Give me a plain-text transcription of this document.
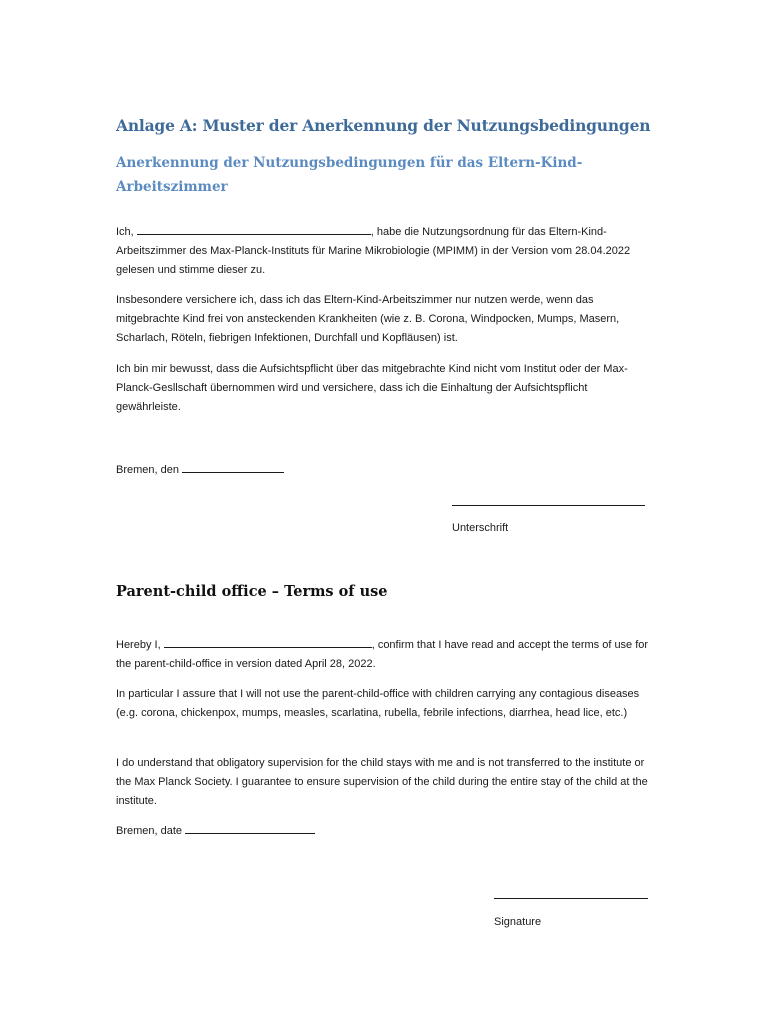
Anlage A: Muster der Anerkennung der Nutzungsbedingungen
Anerkennung der Nutzungsbedingungen für das Eltern-Kind-Arbeitszimmer
Ich,	, habe die Nutzungsordnung für das Eltern-Kind-Arbeitszimmer des Max-Planck-Instituts für Marine Mikrobiologie (MPIMM) in der Version vom 28.04.2022 gelesen und stimme dieser zu.
Insbesondere versichere ich, dass ich das Eltern-Kind-Arbeitszimmer nur nutzen werde, wenn das mitgebrachte Kind frei von ansteckenden Krankheiten (wie z. B. Corona, Windpocken, Mumps, Masern, Scharlach, Röteln, fiebrigen Infektionen, Durchfall und Kopfläusen) ist.
Ich bin mir bewusst, dass die Aufsichtspflicht über das mitgebrachte Kind nicht vom Institut oder der Max-Planck-Gesllschaft übernommen wird und versichere, dass ich die Einhaltung der Aufsichtspflicht gewährleiste.
Bremen, den
Unterschrift
Parent-child office – Terms of use
Hereby I,	, confirm that I have read and accept the terms of use for the parent-child-office in version dated April 28, 2022.
In particular I assure that I will not use the parent-child-office with children carrying any contagious diseases (e.g. corona, chickenpox, mumps, measles, scarlatina, rubella, febrile infections, diarrhea, head lice, etc.)
I do understand that obligatory supervision for the child stays with me and is not transferred to the institute or the Max Planck Society. I guarantee to ensure supervision of the child during the entire stay of the child at the institute.
Bremen, date
Signature
